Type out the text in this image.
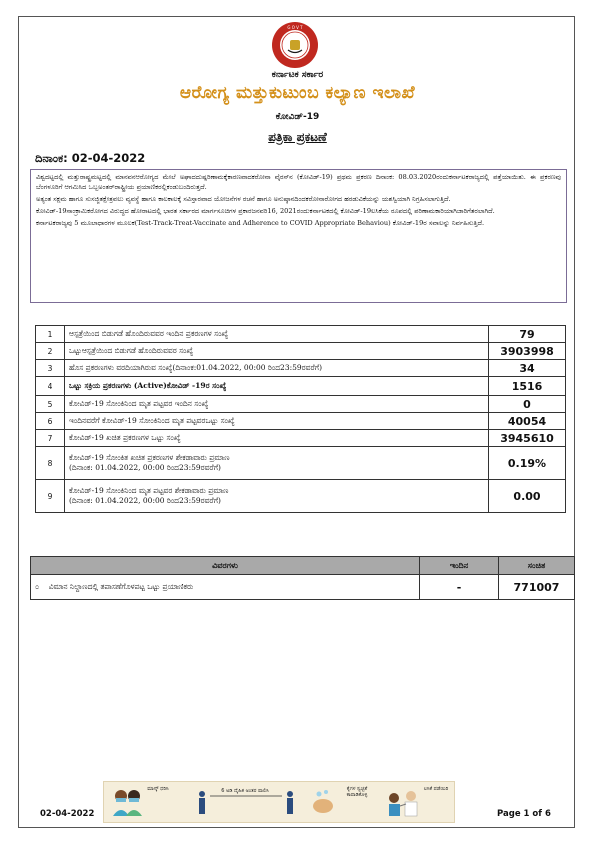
G O V T
ಕರ್ನಾಟಕ ಸರ್ಕಾರ
ಆರೋಗ್ಯ ಮತ್ತುಕುಟುಂಬ ಕಲ್ಯಾಣ ಇಲಾಖೆ
ಕೋವಿಡ್-19
ಪತ್ರಿಕಾ ಪ್ರಕಟಣೆ
ದಿನಾಂಕ: 02-04-2022

ವಿಶ್ವದಟ್ಟದಲ್ಲಿ ಮತ್ತುರಾಷ್ಟ್ರಮಟ್ಟದಲ್ಲಿ ಮಾನವನಆರೋಗ್ಯದ ಮೇಲೆ ಅಘಾದದುಷ್ಪರಿಣಾಮಕ್ಕೆಕಾರಣವಾದಕರೋನಾ ವೈರಸ್‌ನ (ಕೋವಿಡ್-19) ಪ್ರಥಮ ಪ್ರಕರಣ ದಿನಾಂಕ: 08.03.2020ರಂದುಕರ್ನಾಟಕರಾಜ್ಯದಲ್ಲಿ ಪತ್ತೆಯಾಯಿತು. ಈ ಪ್ರಕರಣವು ಬೆಂಗಳೂರಿಗೆ ಆಗಮಿಸಿದ ಒಬ್ಬಅಂತರ್‌ರಾಷ್ಟ್ರೀಯ ಪ್ರಯಾಣಿಕರಲ್ಲಿಕಂಡುಬಂದಿರುತ್ತದೆ.

ಅತ್ಯಂತ ಸಕ್ಷಮ ಹಾಗೂ ಸುಸಜ್ಜಿತಕ್ಷೇತ್ರವಲು ವ್ಯವಸ್ಥೆ ಹಾಗೂ ಕಾಲಕಾಲಕ್ಕೆ ಸವಿಸ್ತಾರವಾದ ಯೋಜನೆಗಳ ರಚನೆ ಹಾಗೂ ಅನುಷ್ಠಾನದಿಂದಕರೋನಾರೋಗದ ಹರಡುವಿಕೆಯನ್ನು ಯಶಸ್ವಿಯಾಗಿ ನಿಗ್ರಹಿಸಲಾಗುತ್ತಿದೆ.

ಕೋವಿಡ್-19ಸಾಂಕ್ರಾಮಿಕರೋಗದ ವಿರುದ್ಧದ ಹೋರಾಟದಲ್ಲಿ ಭಾರತ ಸರ್ಕಾರದ ಮಾರ್ಗಸೂಚಿಗಳ ಪ್ರಕಾರಜನವರಿ16, 2021ರಂದುಕರ್ನಾಟಕದಲ್ಲಿ ಕೋವಿಡ್-19ಲಸಿಕೆಯ ರೂಪದಲ್ಲಿ ಪರಿಣಾಮಕಾರಿಯಾಗಿಜಾರಿಗೆತರಲಾಗಿದೆ.

ಕರ್ನಾಟಕರಾಜ್ಯವು 5 ಮೂಲಾಧಾರಗಳ ಮೂಲಕ(Test-Track-Treat-Vaccinate and Adherence to COVID Appropriate Behaviou) ಕೋವಿಡ್-19ರ ಸವಾಲನ್ನು ನಿರ್ವಹಿಸುತ್ತಿದೆ.

1	ಆಸ್ಪತ್ರೆಯಿಂದ ಬಿಡುಗಡೆ ಹೊಂದಿರುವವರ ಇಂದಿನ ಪ್ರಕರಣಗಳ ಸಂಖ್ಯೆ	79
2	ಒಟ್ಟುಆಸ್ಪತ್ರೆಯಿಂದ ಬಿಡುಗಡೆ ಹೊಂದಿರುವವರ ಸಂಖ್ಯೆ	3903998
3	ಹೊಸ ಪ್ರಕರಣಗಳು ವರದಿಯಾಗಿರುವ ಸಂಖ್ಯೆ(ದಿನಾಂಕ:01.04.2022, 00:00 ರಿಂದ23:59ರವರೆಗೆ)	34
4	ಒಟ್ಟು ಸಕ್ರಿಯ ಪ್ರಕರಣಗಳು (Active)ಕೋವಿಡ್ -19ರ ಸಂಖ್ಯೆ	1516
5	ಕೋವಿಡ್-19 ಸೋಂಕಿನಿಂದ ಮೃತ ಪಟ್ಟವರ ಇಂದಿನ ಸಂಖ್ಯೆ	0
6	ಇಂದಿನವರೆಗೆ ಕೋವಿಡ್-19 ಸೋಂಕಿನಿಂದ ಮೃತ ಪಟ್ಟವರಒಟ್ಟು ಸಂಖ್ಯೆ	40054
7	ಕೋವಿಡ್-19 ಖಚಿತ ಪ್ರಕರಣಗಳ ಒಟ್ಟು ಸಂಖ್ಯೆ	3945610
8	ಕೋವಿಡ್-19 ಸೋಂಕಿತ ಖಚಿತ ಪ್ರಕರಣಗಳ ಶೇಕಡಾವಾರು ಪ್ರಮಾಣ
(ದಿನಾಂಕ: 01.04.2022, 00:00 ರಿಂದ23:59ರವರೆಗೆ)	0.19%
9	ಕೋವಿಡ್-19 ಸೋಂಕಿನಿಂದ ಮೃತ ಪಟ್ಟವರ ಶೇಕಡಾವಾರು ಪ್ರಮಾಣ
(ದಿನಾಂಕ: 01.04.2022, 00:00 ರಿಂದ23:59ರವರೆಗೆ)	0.00
ವಿವರಗಳು	ಇಂದಿನ	ಸಂಚಿತ
೦ ವಿಮಾನ ನಿಲ್ದಾಣದಲ್ಲಿ ತಪಾಸಣೆಗೊಳಪಟ್ಟ ಒಟ್ಟು ಪ್ರಯಾಣಿಕರು	-	771007
ಮಾಸ್ಕ್ ಧರಿಸಿ	6 ಅಡಿ ದೈಹಿಕ ಅಂತರ ಪಾಲಿಸಿ	ಕೈಗಳ ಸ್ವಚ್ಛತೆ ಕಾಪಾಡಿಕೊಳ್ಳಿ
ಲಸಿಕೆ ಪಡೆಯಿರಿ
02-04-2022	Page 1 of 6
